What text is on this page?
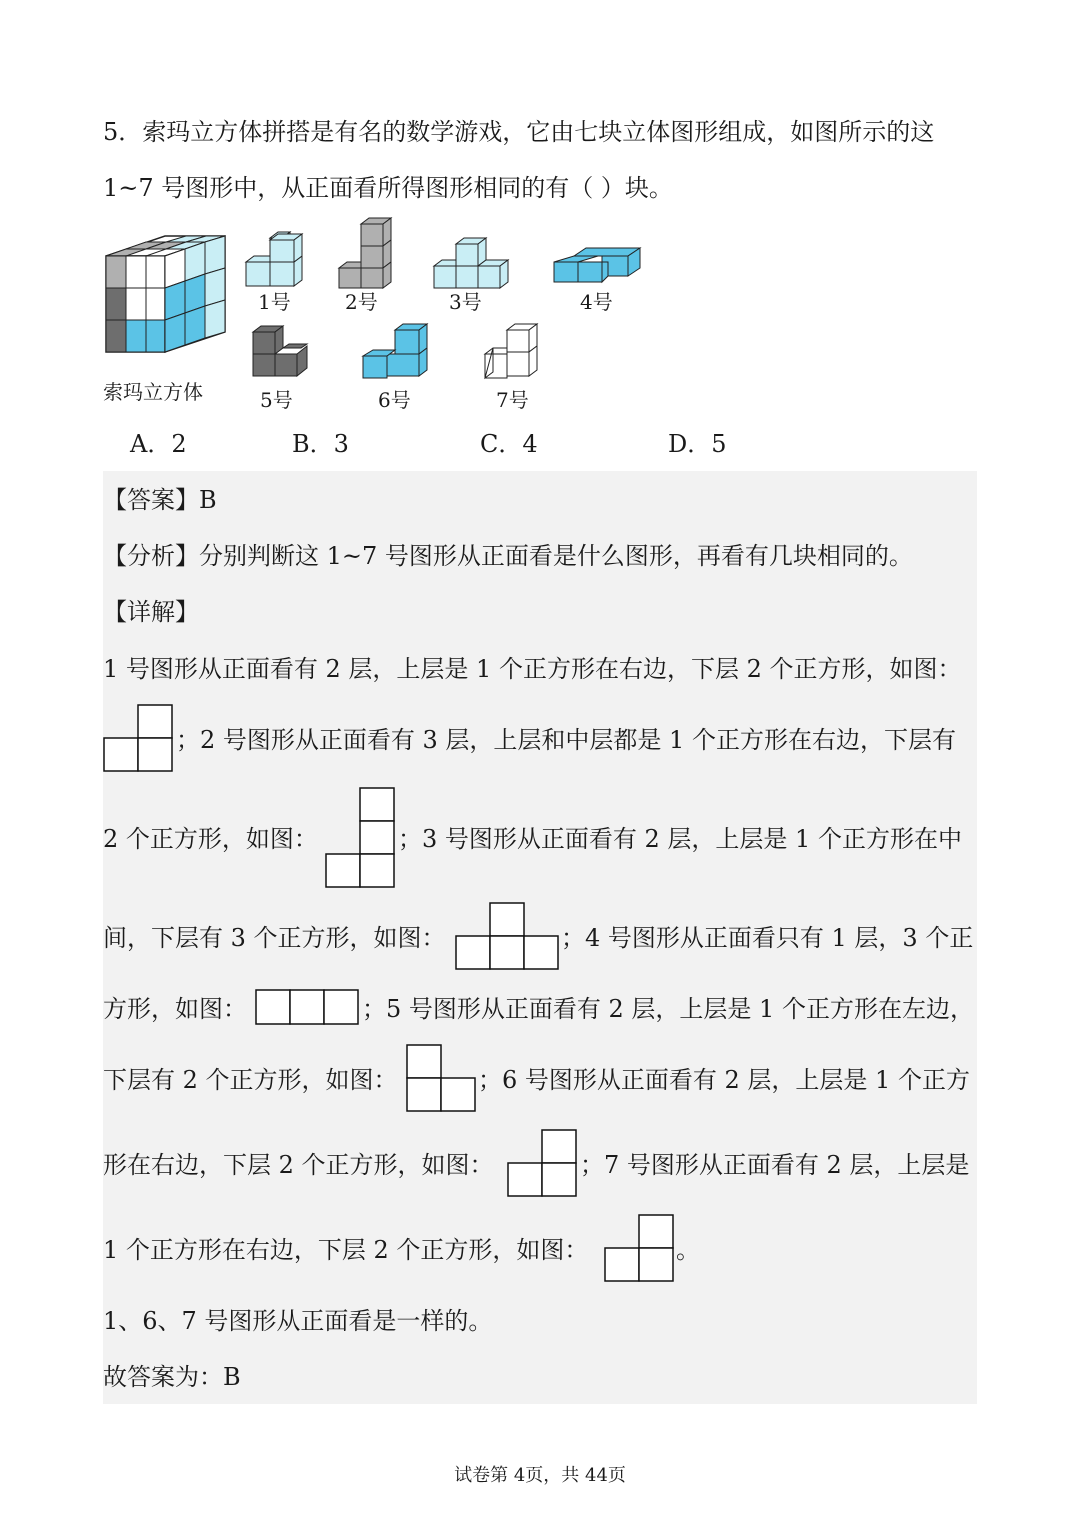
5．索玛立方体拼搭是有名的数学游戏，它由七块立体图形组成，如图所示的这
1~7 号图形中，从正面看所得图形相同的有（ ）块。
索玛立方体
1号	2号	3号	4号
5号	6号	7号
A．2	B．3	C．4	D．5
【答案】B
【分析】分别判断这 1~7 号图形从正面看是什么图形，再看有几块相同的。
【详解】
1 号图形从正面看有 2 层，上层是 1 个正方形在右边，下层 2 个正方形，如图：
；2 号图形从正面看有 3 层，上层和中层都是 1 个正方形在右边，下层有
2 个正方形，如图：	；3 号图形从正面看有 2 层，上层是 1 个正方形在中
间，下层有 3 个正方形，如图：	；4 号图形从正面看只有 1 层，3 个正
方形，如图：	；5 号图形从正面看有 2 层，上层是 1 个正方形在左边，
下层有 2 个正方形，如图：	；6 号图形从正面看有 2 层，上层是 1 个正方
形在右边，下层 2 个正方形，如图：	；7 号图形从正面看有 2 层，上层是
1 个正方形在右边，下层 2 个正方形，如图：	。
1、6、7 号图形从正面看是一样的。
故答案为：B
试卷第 4页，共 44页
